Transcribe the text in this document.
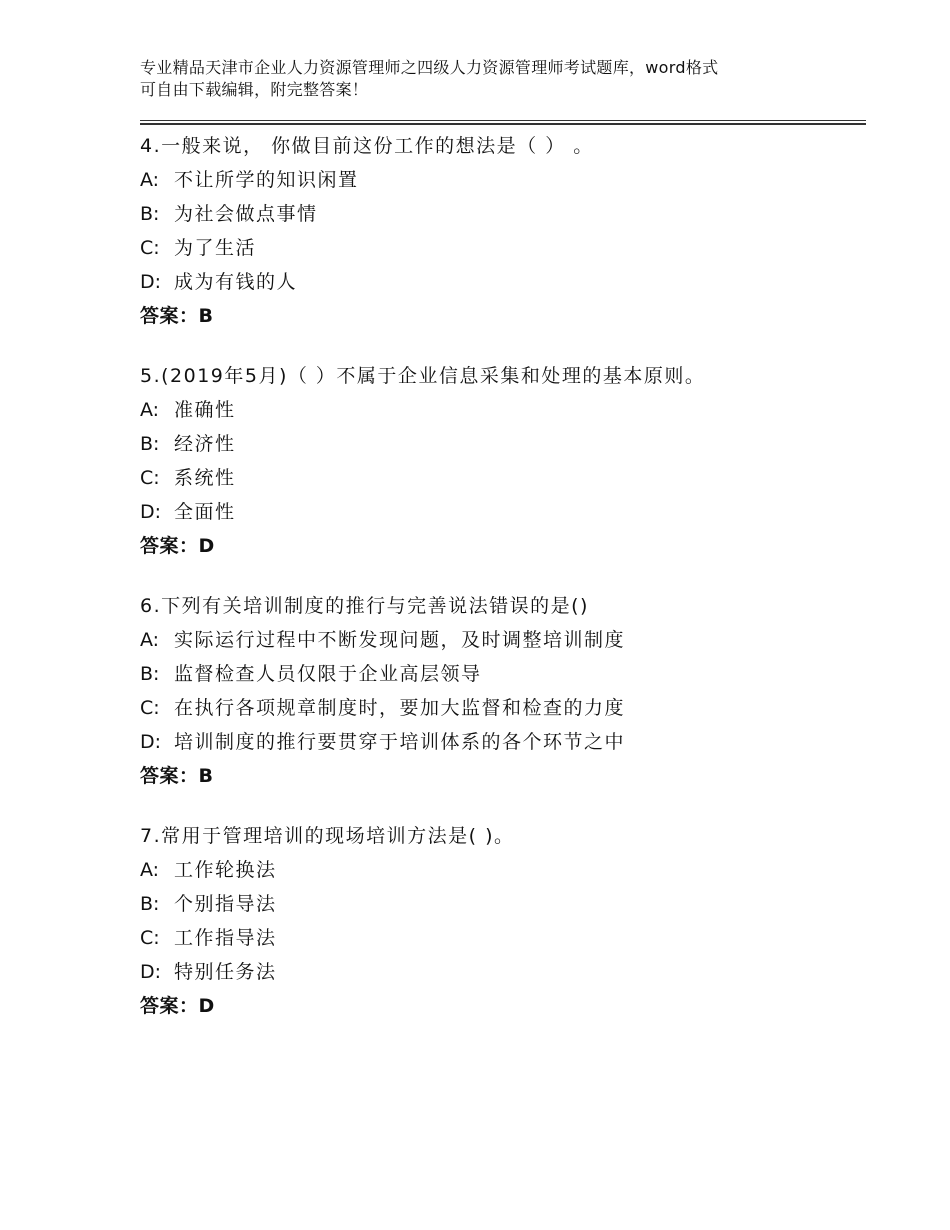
专业精品天津市企业人力资源管理师之四级人力资源管理师考试题库，word格式
可自由下载编辑，附完整答案！
4.一般来说， 你做目前这份工作的想法是（ ） 。
A: 不让所学的知识闲置
B: 为社会做点事情
C: 为了生活
D: 成为有钱的人
答案：B
5.(2019年5月)（ ）不属于企业信息采集和处理的基本原则。
A: 准确性
B: 经济性
C: 系统性
D: 全面性
答案：D
6.下列有关培训制度的推行与完善说法错误的是()
A: 实际运行过程中不断发现问题，及时调整培训制度
B: 监督检查人员仅限于企业高层领导
C: 在执行各项规章制度时，要加大监督和检查的力度
D: 培训制度的推行要贯穿于培训体系的各个环节之中
答案：B
7.常用于管理培训的现场培训方法是( )。
A: 工作轮换法
B: 个别指导法
C: 工作指导法
D: 特别任务法
答案：D
